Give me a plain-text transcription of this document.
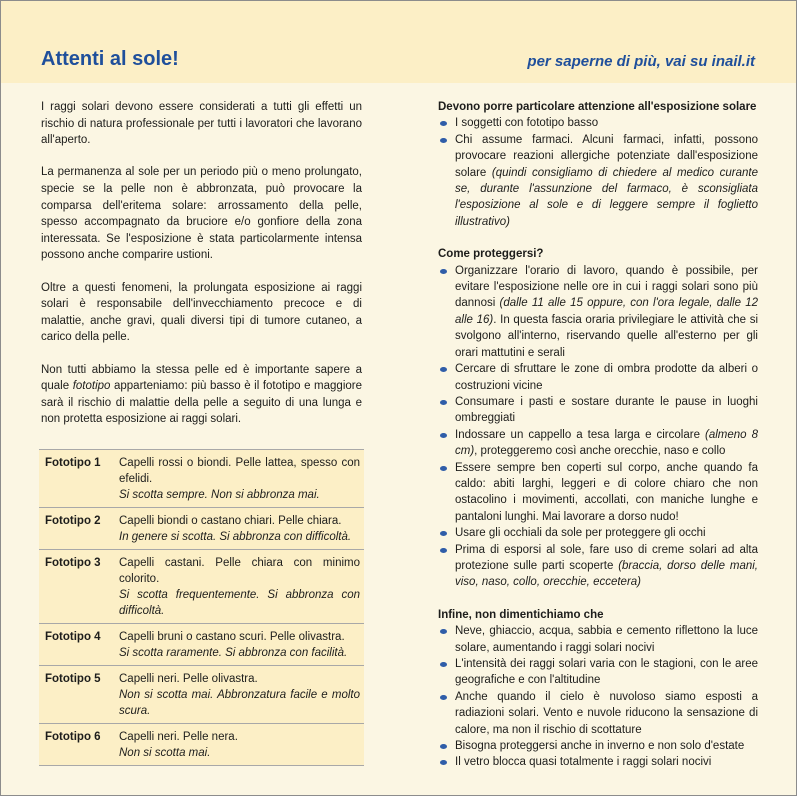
Attenti al sole!	per saperne di più, vai su inail.it

I raggi solari devono essere considerati a tutti gli effetti un rischio di natura professionale per tutti i lavoratori che lavorano all'aperto.

La permanenza al sole per un periodo più o meno prolungato, specie se la pelle non è abbronzata, può provocare la comparsa dell'eritema solare: arrossamento della pelle, spesso accompagnato da bruciore e/o gonfiore della zona interessata. Se l'esposizione è stata particolarmente intensa possono anche comparire ustioni.

Oltre a questi fenomeni, la prolungata esposizione ai raggi solari è responsabile dell'invecchiamento precoce e di malattie, anche gravi, quali diversi tipi di tumore cutaneo, a carico della pelle.

Non tutti abbiamo la stessa pelle ed è importante sapere a quale fototipo apparteniamo: più basso è il fototipo e maggiore sarà il rischio di malattie della pelle a seguito di una lunga e non protetta esposizione ai raggi solari.

Fototipo 1	Capelli rossi o biondi. Pelle lattea, spesso con efelidi.
Si scotta sempre. Non si abbronza mai.
Fototipo 2	Capelli biondi o castano chiari. Pelle chiara.
In genere si scotta. Si abbronza con difficoltà.
Fototipo 3	Capelli castani. Pelle chiara con minimo colorito.
Si scotta frequentemente. Si abbronza con difficoltà.
Fototipo 4	Capelli bruni o castano scuri. Pelle olivastra.
Si scotta raramente. Si abbronza con facilità.
Fototipo 5	Capelli neri. Pelle olivastra.
Non si scotta mai. Abbronzatura facile e molto scura.
Fototipo 6	Capelli neri. Pelle nera.
Non si scotta mai.

Devono porre particolare attenzione all'esposizione solare

I soggetti con fototipo basso
Chi assume farmaci. Alcuni farmaci, infatti, possono provocare reazioni allergiche potenziate dall'esposizione solare (quindi consigliamo di chiedere al medico curante se, durante l'assunzione del farmaco, è sconsigliata l'esposizione al sole e di leggere sempre il foglietto illustrativo)

Come proteggersi?

Organizzare l'orario di lavoro, quando è possibile, per evitare l'esposizione nelle ore in cui i raggi solari sono più dannosi (dalle 11 alle 15 oppure, con l'ora legale, dalle 12 alle 16). In questa fascia oraria privilegiare le attività che si svolgono all'interno, riservando quelle all'esterno per gli orari mattutini e serali
Cercare di sfruttare le zone di ombra prodotte da alberi o costruzioni vicine
Consumare i pasti e sostare durante le pause in luoghi ombreggiati
Indossare un cappello a tesa larga e circolare (almeno 8 cm), proteggeremo così anche orecchie, naso e collo
Essere sempre ben coperti sul corpo, anche quando fa caldo: abiti larghi, leggeri e di colore chiaro che non ostacolino i movimenti, accollati, con maniche lunghe e pantaloni lunghi. Mai lavorare a dorso nudo!
Usare gli occhiali da sole per proteggere gli occhi
Prima di esporsi al sole, fare uso di creme solari ad alta protezione sulle parti scoperte (braccia, dorso delle mani, viso, naso, collo, orecchie, eccetera)

Infine, non dimentichiamo che

Neve, ghiaccio, acqua, sabbia e cemento riflettono la luce solare, aumentando i raggi solari nocivi
L'intensità dei raggi solari varia con le stagioni, con le aree geografiche e con l'altitudine
Anche quando il cielo è nuvoloso siamo esposti a radiazioni solari. Vento e nuvole riducono la sensazione di calore, ma non il rischio di scottature
Bisogna proteggersi anche in inverno e non solo d'estate
Il vetro blocca quasi totalmente i raggi solari nocivi
